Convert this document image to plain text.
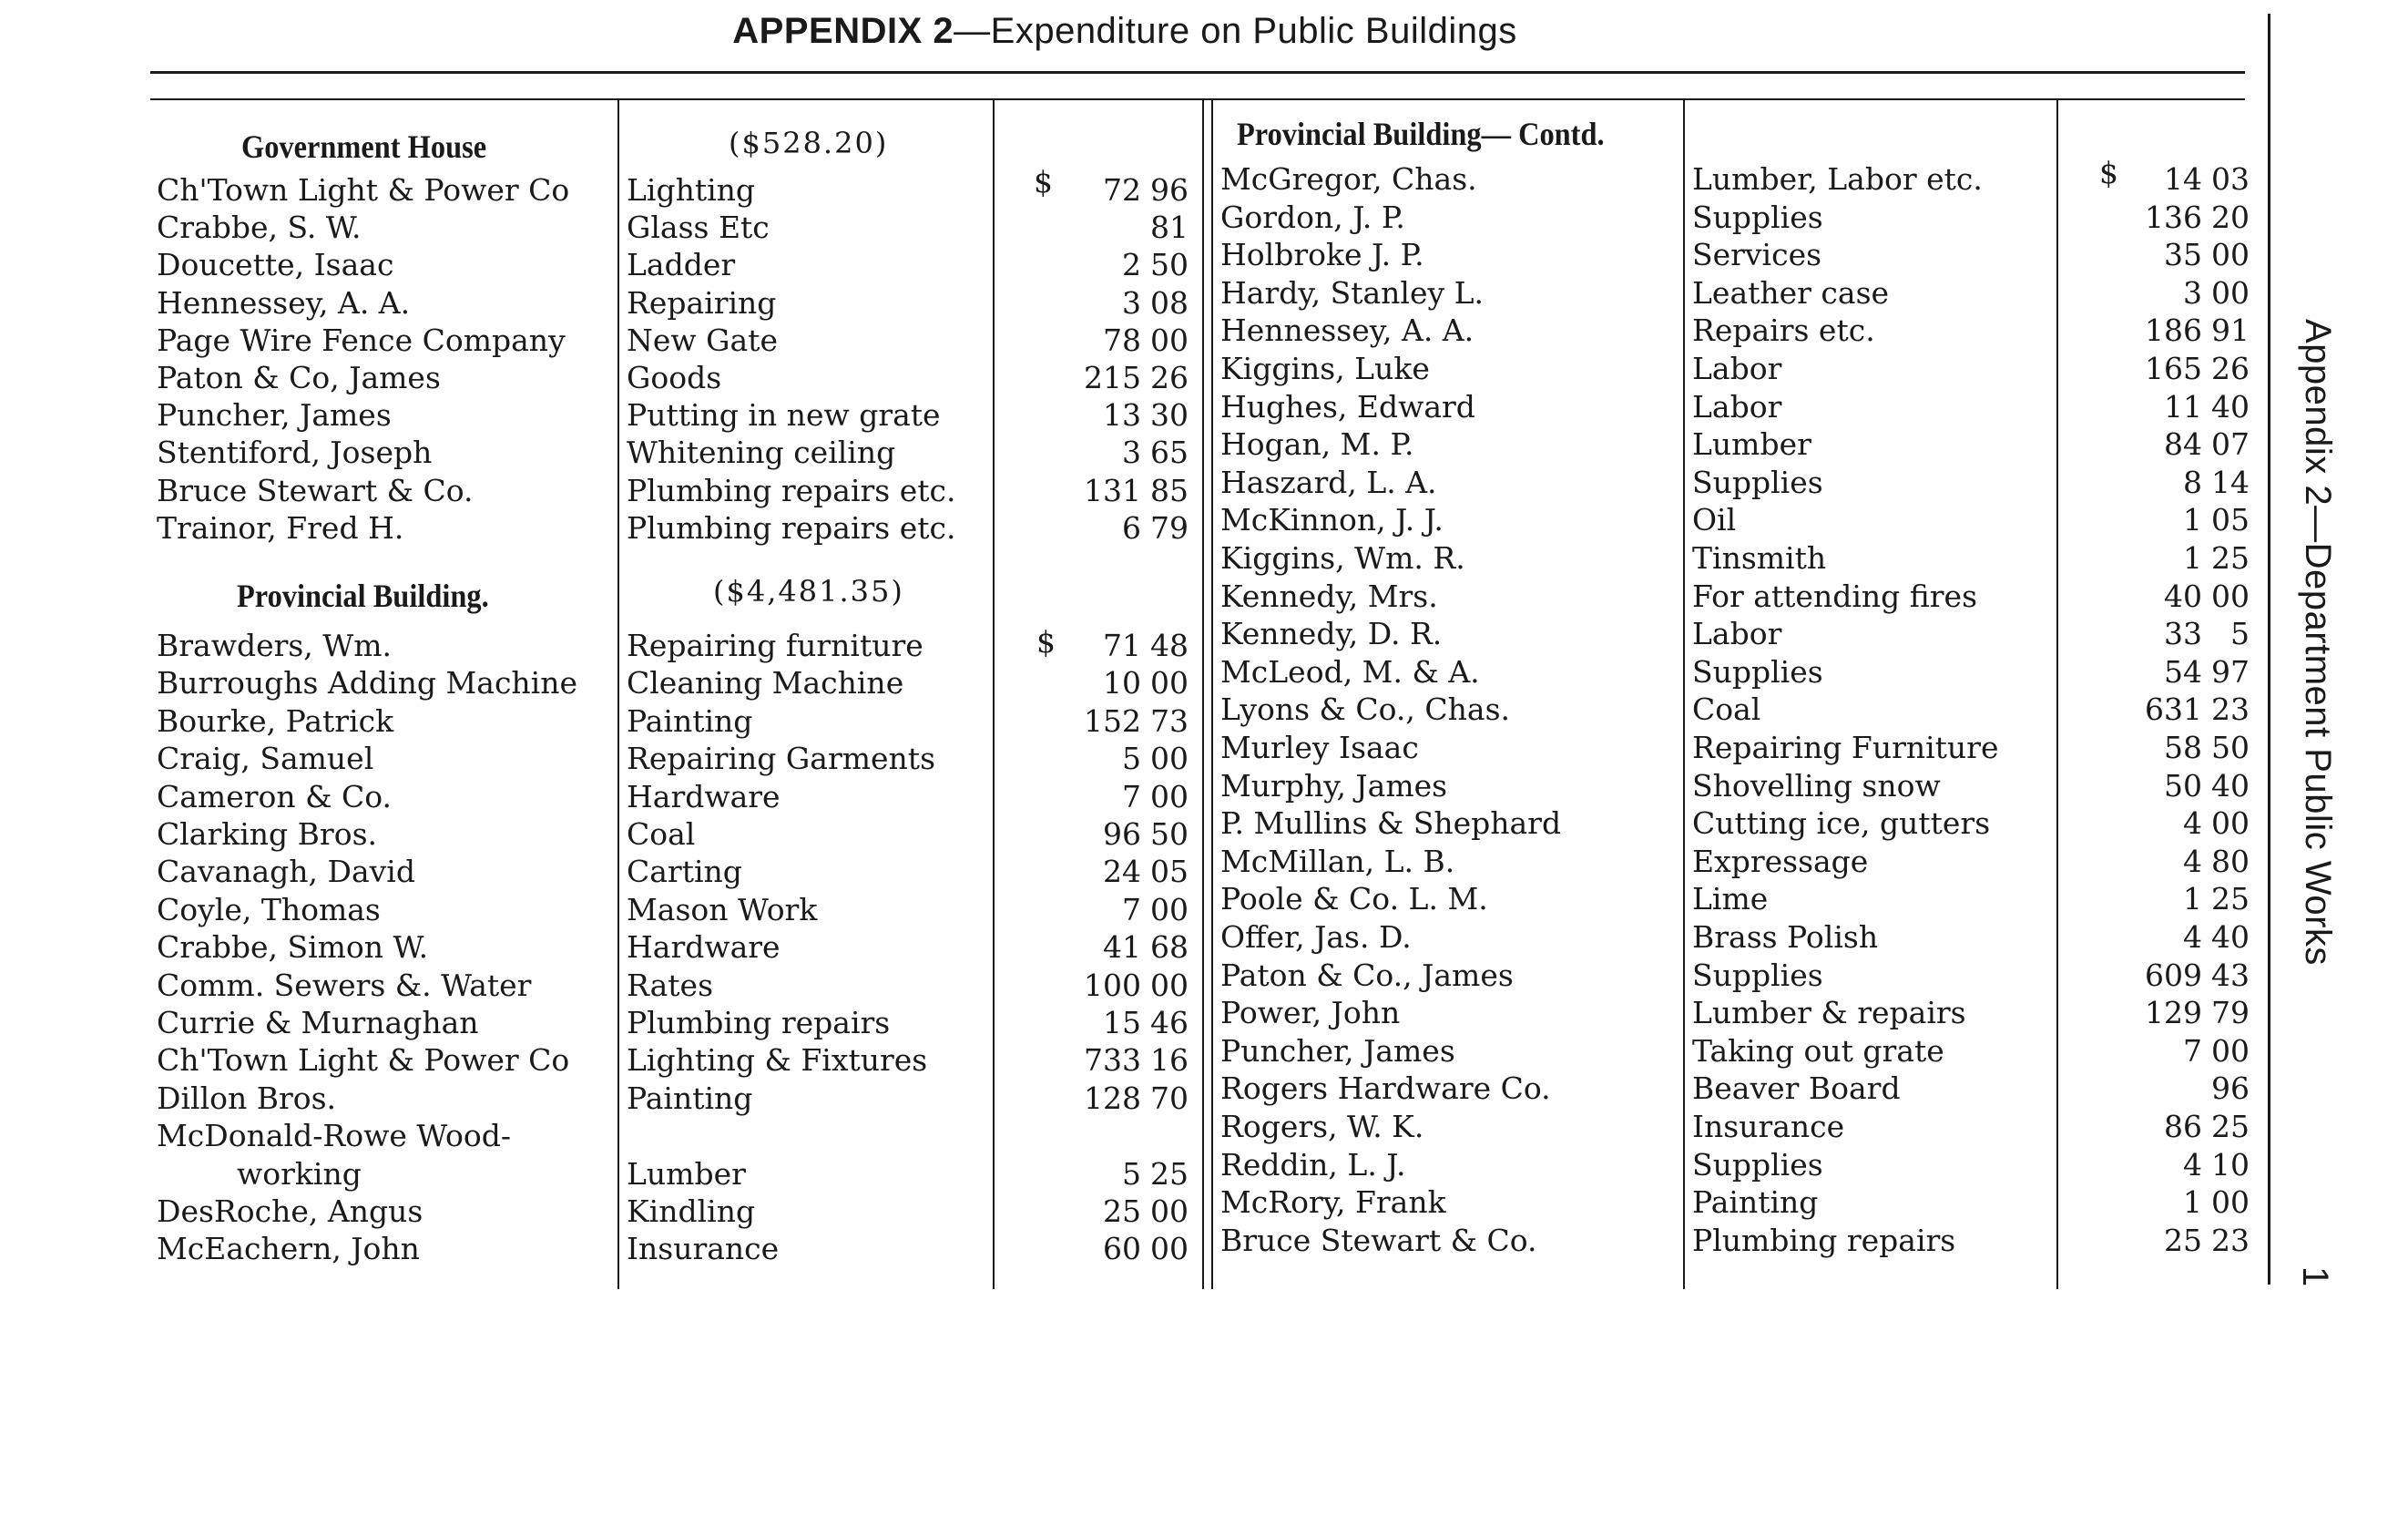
APPENDIX 2—Expenditure on Public Buildings
Appendix 2—Department Public Works
1
Government House	($528.20)
$
Ch'Town Light & Power Co	Lighting	72 96
Crabbe, S. W.	Glass Etc	81
Doucette, Isaac	Ladder	2 50
Hennessey, A. A.	Repairing	3 08
Page Wire Fence Company	New Gate	78 00
Paton & Co, James	Goods	215 26
Puncher, James	Putting in new grate	13 30
Stentiford, Joseph	Whitening ceiling	3 65
Bruce Stewart & Co.	Plumbing repairs etc.	131 85
Trainor, Fred H.	Plumbing repairs etc.	6 79
Provincial Building.	($4,481.35)
$
Brawders, Wm.	Repairing furniture	71 48
Burroughs Adding Machine	Cleaning Machine	10 00
Bourke, Patrick	Painting	152 73
Craig, Samuel	Repairing Garments	5 00
Cameron & Co.	Hardware	7 00
Clarking Bros.	Coal	96 50
Cavanagh, David	Carting	24 05
Coyle, Thomas	Mason Work	7 00
Crabbe, Simon W.	Hardware	41 68
Comm. Sewers &. Water	Rates	100 00
Currie & Murnaghan	Plumbing repairs	15 46
Ch'Town Light & Power Co	Lighting & Fixtures	733 16
Dillon Bros.	Painting	128 70
McDonald-Rowe Wood-
working	Lumber	5 25
DesRoche, Angus	Kindling	25 00
McEachern, John	Insurance	60 00
Provincial Building— Contd.
$
McGregor, Chas.	Lumber, Labor etc.	14 03
Gordon, J. P.	Supplies	136 20
Holbroke J. P.	Services	35 00
Hardy, Stanley L.	Leather case	3 00
Hennessey, A. A.	Repairs etc.	186 91
Kiggins, Luke	Labor	165 26
Hughes, Edward	Labor	11 40
Hogan, M. P.	Lumber	84 07
Haszard, L. A.	Supplies	8 14
McKinnon, J. J.	Oil	1 05
Kiggins, Wm. R.	Tinsmith	1 25
Kennedy, Mrs.	For attending fires	40 00
Kennedy, D. R.	Labor	33 5
McLeod, M. & A.	Supplies	54 97
Lyons & Co., Chas.	Coal	631 23
Murley Isaac	Repairing Furniture	58 50
Murphy, James	Shovelling snow	50 40
P. Mullins & Shephard	Cutting ice, gutters	4 00
McMillan, L. B.	Expressage	4 80
Poole & Co. L. M.	Lime	1 25
Offer, Jas. D.	Brass Polish	4 40
Paton & Co., James	Supplies	609 43
Power, John	Lumber & repairs	129 79
Puncher, James	Taking out grate	7 00
Rogers Hardware Co.	Beaver Board	96
Rogers, W. K.	Insurance	86 25
Reddin, L. J.	Supplies	4 10
McRory, Frank	Painting	1 00
Bruce Stewart & Co.	Plumbing repairs	25 23
